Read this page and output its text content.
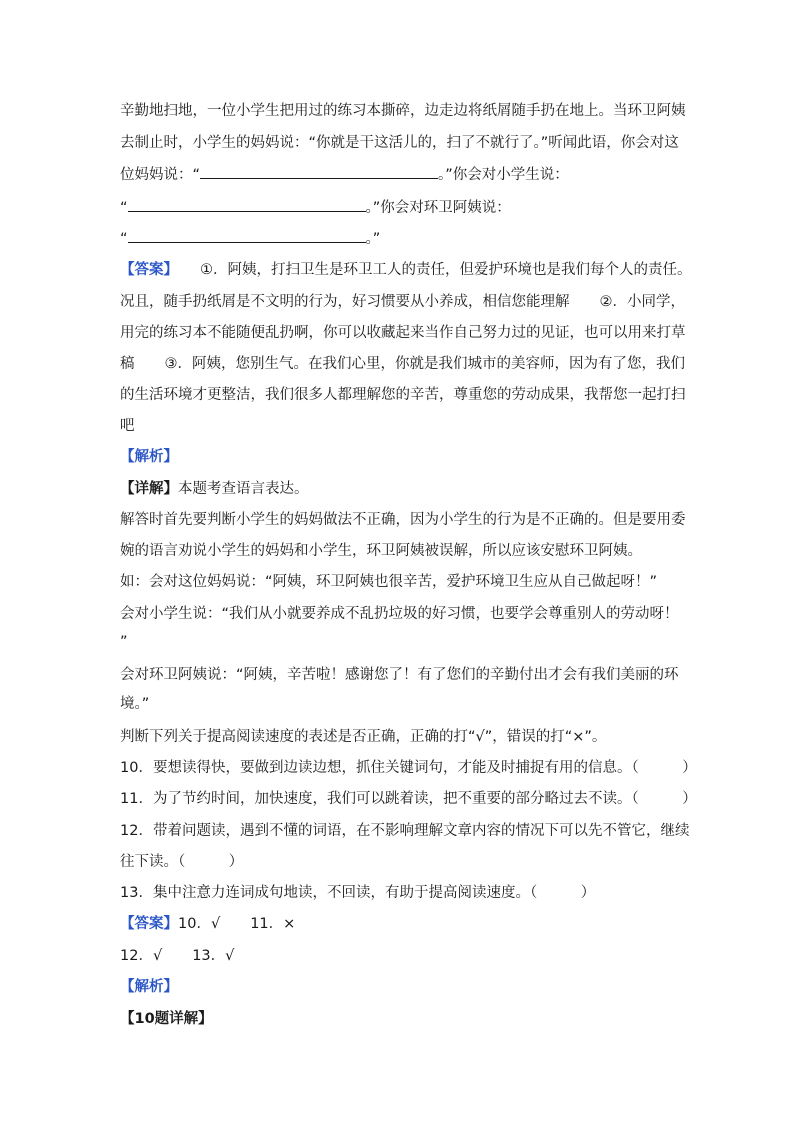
辛勤地扫地，一位小学生把用过的练习本撕碎，边走边将纸屑随手扔在地上。当环卫阿姨
去制止时，小学生的妈妈说：“你就是干这活儿的，扫了不就行了。”听闻此语，你会对这
位妈妈说：“	。”你会对小学生说：
“	。”你会对环卫阿姨说：
“	。”
【答案】 ①．阿姨，打扫卫生是环卫工人的责任，但爱护环境也是我们每个人的责任。
况且，随手扔纸屑是不文明的行为，好习惯要从小养成，相信您能理解 ②．小同学，
用完的练习本不能随便乱扔啊，你可以收藏起来当作自己努力过的见证，也可以用来打草
稿 ③．阿姨，您别生气。在我们心里，你就是我们城市的美容师，因为有了您，我们
的生活环境才更整洁，我们很多人都理解您的辛苦，尊重您的劳动成果，我帮您一起打扫
吧
【解析】
【详解】本题考查语言表达。
解答时首先要判断小学生的妈妈做法不正确，因为小学生的行为是不正确的。但是要用委
婉的语言劝说小学生的妈妈和小学生，环卫阿姨被误解，所以应该安慰环卫阿姨。
如：会对这位妈妈说：“阿姨，环卫阿姨也很辛苦，爱护环境卫生应从自己做起呀！”
会对小学生说：“我们从小就要养成不乱扔垃圾的好习惯，也要学会尊重别人的劳动呀！
”
会对环卫阿姨说：“阿姨，辛苦啦！感谢您了！有了您们的辛勤付出才会有我们美丽的环
境。”
判断下列关于提高阅读速度的表述是否正确，正确的打“√”，错误的打“×”。
10．要想读得快，要做到边读边想，抓住关键词句，才能及时捕捉有用的信息。（　　　）
11．为了节约时间，加快速度，我们可以跳着读，把不重要的部分略过去不读。（　　　）
12．带着问题读，遇到不懂的词语，在不影响理解文章内容的情况下可以先不管它，继续
往下读。（　　　）
13．集中注意力连词成句地读，不回读，有助于提高阅读速度。（　　　）
【答案】10．√ 11．×
12．√ 13．√
【解析】
【10题详解】
